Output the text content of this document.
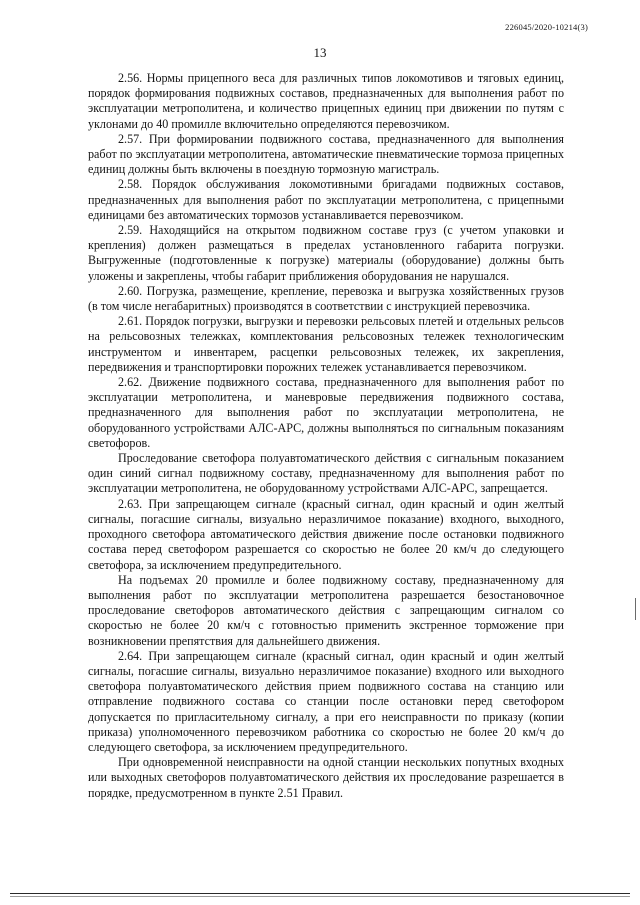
226045/2020-10214(3)
13

2.56. Нормы прицепного веса для различных типов локомотивов и тяговых единиц, порядок формирования подвижных составов, предназначенных для выполнения работ по эксплуатации метрополитена, и количество прицепных единиц при движении по путям с уклонами до 40 промилле включительно определяются перевозчиком.

2.57. При формировании подвижного состава, предназначенного для выполнения работ по эксплуатации метрополитена, автоматические пневматические тормоза прицепных единиц должны быть включены в поездную тормозную магистраль.

2.58. Порядок обслуживания локомотивными бригадами подвижных составов, предназначенных для выполнения работ по эксплуатации метрополитена, с прицепными единицами без автоматических тормозов устанавливается перевозчиком.

2.59. Находящийся на открытом подвижном составе груз (с учетом упаковки и крепления) должен размещаться в пределах установленного габарита погрузки. Выгруженные (подготовленные к погрузке) материалы (оборудование) должны быть уложены и закреплены, чтобы габарит приближения оборудования не нарушался.

2.60. Погрузка, размещение, крепление, перевозка и выгрузка хозяйственных грузов (в том числе негабаритных) производятся в соответствии с инструкцией перевозчика.

2.61. Порядок погрузки, выгрузки и перевозки рельсовых плетей и отдельных рельсов на рельсовозных тележках, комплектования рельсовозных тележек технологическим инструментом и инвентарем, расцепки рельсовозных тележек, их закрепления, передвижения и транспортировки порожних тележек устанавливается перевозчиком.

2.62. Движение подвижного состава, предназначенного для выполнения работ по эксплуатации метрополитена, и маневровые передвижения подвижного состава, предназначенного для выполнения работ по эксплуатации метрополитена, не оборудованного устройствами АЛС-АРС, должны выполняться по сигнальным показаниям светофоров.

Проследование светофора полуавтоматического действия с сигнальным показанием один синий сигнал подвижному составу, предназначенному для выполнения работ по эксплуатации метрополитена, не оборудованному устройствами АЛС-АРС, запрещается.

2.63. При запрещающем сигнале (красный сигнал, один красный и один желтый сигналы, погасшие сигналы, визуально неразличимое показание) входного, выходного, проходного светофора автоматического действия движение после остановки подвижного состава перед светофором разрешается со скоростью не более 20 км/ч до следующего светофора, за исключением предупредительного.

На подъемах 20 промилле и более подвижному составу, предназначенному для выполнения работ по эксплуатации метрополитена разрешается безостановочное проследование светофоров автоматического действия с запрещающим сигналом со скоростью не более 20 км/ч с готовностью применить экстренное торможение при возникновении препятствия для дальнейшего движения.

2.64. При запрещающем сигнале (красный сигнал, один красный и один желтый сигналы, погасшие сигналы, визуально неразличимое показание) входного или выходного светофора полуавтоматического действия прием подвижного состава на станцию или отправление подвижного состава со станции после остановки перед светофором допускается по пригласительному сигналу, а при его неисправности по приказу (копии приказа) уполномоченного перевозчиком работника со скоростью не более 20 км/ч до следующего светофора, за исключением предупредительного.

При одновременной неисправности на одной станции нескольких попутных входных или выходных светофоров полуавтоматического действия их проследование разрешается в порядке, предусмотренном в пункте 2.51 Правил.
